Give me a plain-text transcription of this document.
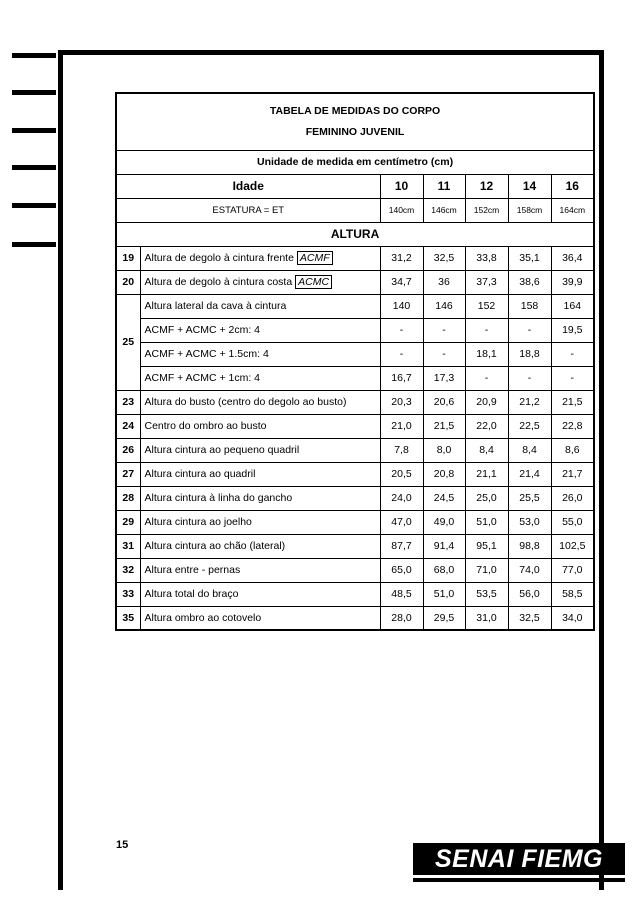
TABELA DE MEDIDAS DO CORPO
FEMININO JUVENIL						

Unidade de medida em centímetro (cm)						
Idade		10	11	12	14	16
ESTATURA = ET		140cm	146cm	152cm	158cm	164cm
ALTURA						
19	Altura de degolo à cintura frente ACMF	31,2	32,5	33,8	35,1	36,4
20	Altura de degolo à cintura costa ACMC	34,7	36	37,3	38,6	39,9
25	Altura lateral da cava à cintura	140	146	152	158	164
	ACMF + ACMC + 2cm: 4	-	-	-	-	19,5
	ACMF + ACMC + 1.5cm: 4	-	-	18,1	18,8	-
	ACMF + ACMC + 1cm: 4	16,7	17,3	-	-	-
23	Altura do busto (centro do degolo ao busto)	20,3	20,6	20,9	21,2	21,5
24	Centro do ombro ao busto	21,0	21,5	22,0	22,5	22,8
26	Altura cintura ao pequeno quadril	7,8	8,0	8,4	8,4	8,6
27	Altura cintura ao quadril	20,5	20,8	21,1	21,4	21,7
28	Altura cintura à linha do gancho	24,0	24,5	25,0	25,5	26,0
29	Altura cintura ao joelho	47,0	49,0	51,0	53,0	55,0
31	Altura cintura ao chão (lateral)	87,7	91,4	95,1	98,8	102,5
32	Altura entre - pernas	65,0	68,0	71,0	74,0	77,0
33	Altura total do braço	48,5	51,0	53,5	56,0	58,5
35	Altura ombro ao cotovelo	28,0	29,5	31,0	32,5	34,0
15	SENAI FIEMG
